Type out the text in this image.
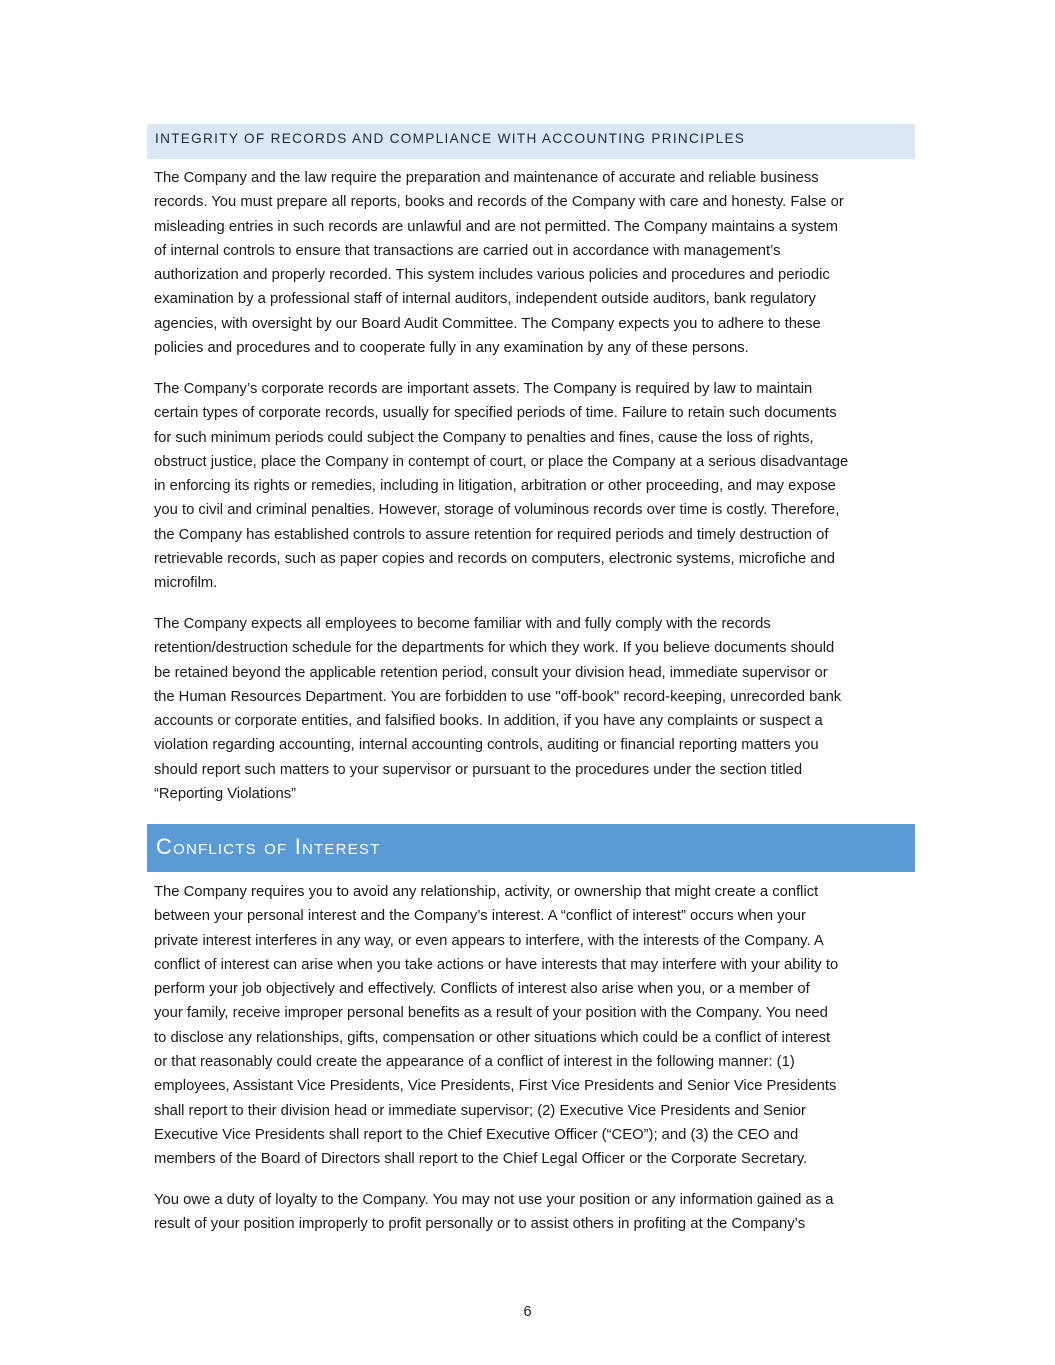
INTEGRITY OF RECORDS AND COMPLIANCE WITH ACCOUNTING PRINCIPLES

The Company and the law require the preparation and maintenance of accurate and reliable business
records. You must prepare all reports, books and records of the Company with care and honesty. False or
misleading entries in such records are unlawful and are not permitted. The Company maintains a system
of internal controls to ensure that transactions are carried out in accordance with management’s
authorization and properly recorded. This system includes various policies and procedures and periodic
examination by a professional staff of internal auditors, independent outside auditors, bank regulatory
agencies, with oversight by our Board Audit Committee. The Company expects you to adhere to these
policies and procedures and to cooperate fully in any examination by any of these persons.

The Company’s corporate records are important assets. The Company is required by law to maintain
certain types of corporate records, usually for specified periods of time. Failure to retain such documents
for such minimum periods could subject the Company to penalties and fines, cause the loss of rights,
obstruct justice, place the Company in contempt of court, or place the Company at a serious disadvantage
in enforcing its rights or remedies, including in litigation, arbitration or other proceeding, and may expose
you to civil and criminal penalties. However, storage of voluminous records over time is costly. Therefore,
the Company has established controls to assure retention for required periods and timely destruction of
retrievable records, such as paper copies and records on computers, electronic systems, microfiche and
microfilm.

The Company expects all employees to become familiar with and fully comply with the records
retention/destruction schedule for the departments for which they work. If you believe documents should
be retained beyond the applicable retention period, consult your division head, immediate supervisor or
the Human Resources Department. You are forbidden to use "off-book" record-keeping, unrecorded bank
accounts or corporate entities, and falsified books. In addition, if you have any complaints or suspect a
violation regarding accounting, internal accounting controls, auditing or financial reporting matters you
should report such matters to your supervisor or pursuant to the procedures under the section titled
“Reporting Violations”

Conflicts of Interest

The Company requires you to avoid any relationship, activity, or ownership that might create a conflict
between your personal interest and the Company’s interest. A “conflict of interest” occurs when your
private interest interferes in any way, or even appears to interfere, with the interests of the Company. A
conflict of interest can arise when you take actions or have interests that may interfere with your ability to
perform your job objectively and effectively. Conflicts of interest also arise when you, or a member of
your family, receive improper personal benefits as a result of your position with the Company. You need
to disclose any relationships, gifts, compensation or other situations which could be a conflict of interest
or that reasonably could create the appearance of a conflict of interest in the following manner: (1)
employees, Assistant Vice Presidents, Vice Presidents, First Vice Presidents and Senior Vice Presidents
shall report to their division head or immediate supervisor; (2) Executive Vice Presidents and Senior
Executive Vice Presidents shall report to the Chief Executive Officer (“CEO”); and (3) the CEO and
members of the Board of Directors shall report to the Chief Legal Officer or the Corporate Secretary.

You owe a duty of loyalty to the Company. You may not use your position or any information gained as a
result of your position improperly to profit personally or to assist others in profiting at the Company’s

6
